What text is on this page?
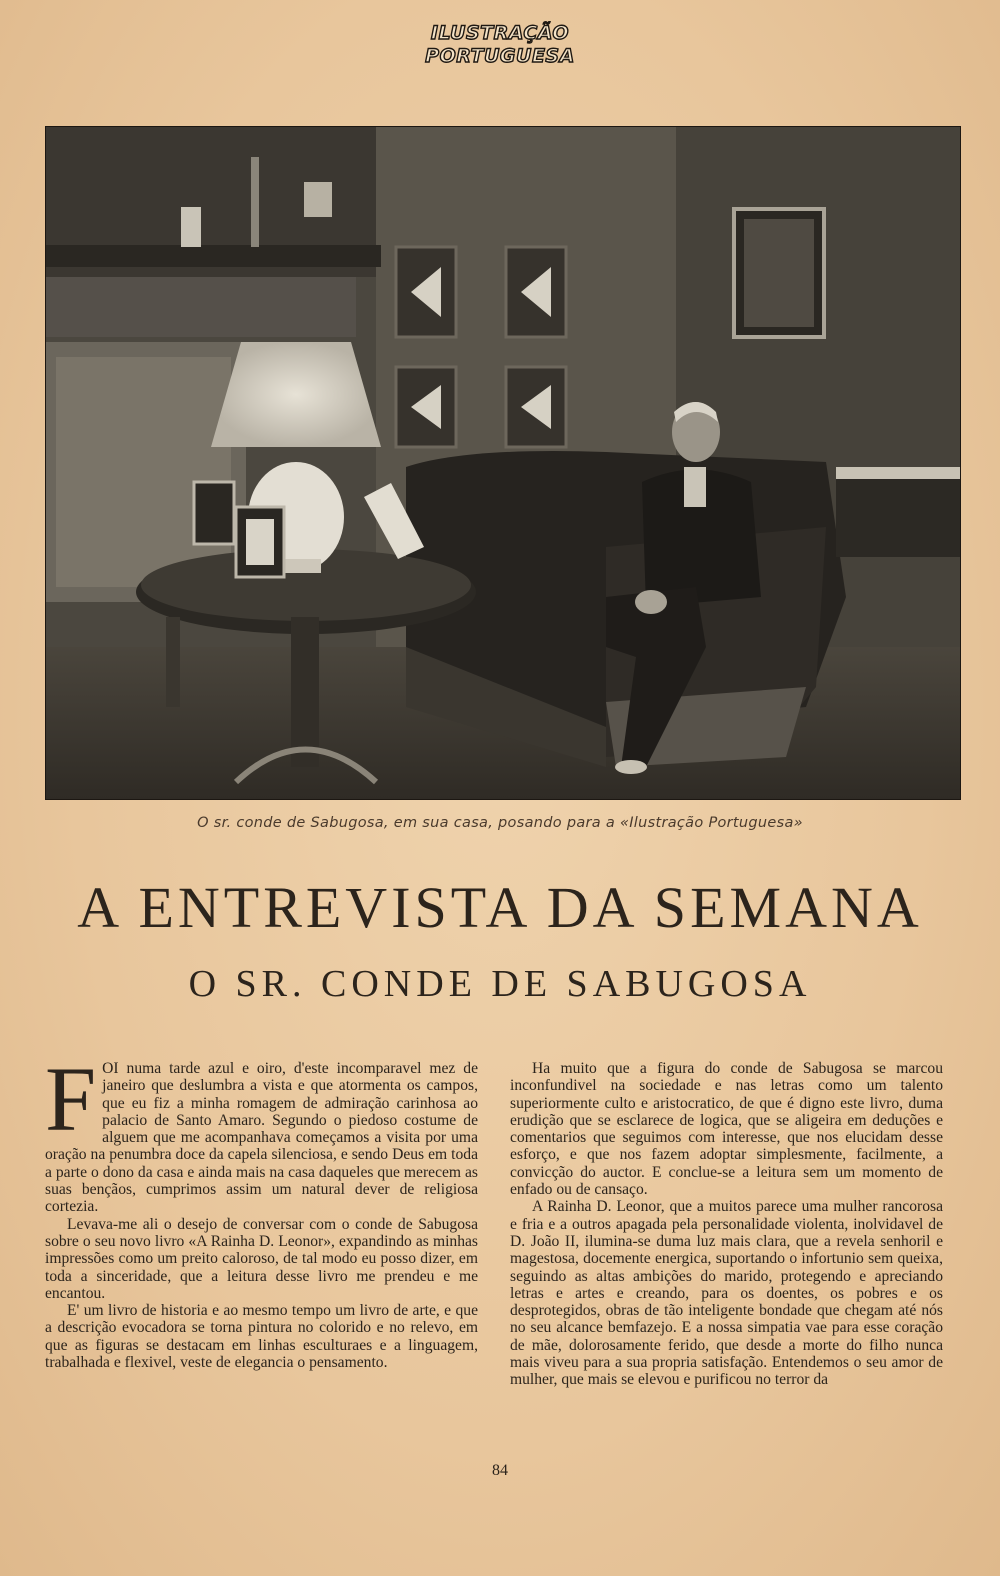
ILUSTRAÇÃO
PORTUGUESA
O sr. conde de Sabugosa, em sua casa, posando para a «Ilustração Portuguesa»
A ENTREVISTA DA SEMANA
O SR. CONDE DE SABUGOSA

FOI numa tarde azul e oiro, d'este incomparavel mez de janeiro que deslumbra a vista e que atormenta os campos, que eu fiz a minha romagem de admiração carinhosa ao palacio de Santo Amaro. Segundo o piedoso costume de alguem que me acompanhava começamos a visita por uma oração na penumbra doce da capela silenciosa, e sendo Deus em toda a parte o dono da casa e ainda mais na casa daqueles que merecem as suas bençãos, cumprimos assim um natural dever de religiosa cortezia.

Levava-me ali o desejo de conversar com o conde de Sabugosa sobre o seu novo livro «A Rainha D. Leonor», expandindo as minhas impressões como um preito caloroso, de tal modo eu posso dizer, em toda a sinceridade, que a leitura desse livro me prendeu e me encantou.

E' um livro de historia e ao mesmo tempo um livro de arte, e que a descrição evocadora se torna pintura no colorido e no relevo, em que as figuras se destacam em linhas esculturaes e a linguagem, trabalhada e flexivel, veste de elegancia o pensamento.

Ha muito que a figura do conde de Sabugosa se marcou inconfundivel na sociedade e nas letras como um talento superiormente culto e aristocratico, de que é digno este livro, duma erudição que se esclarece de logica, que se aligeira em deduções e comentarios que seguimos com interesse, que nos elucidam desse esforço, e que nos fazem adoptar simplesmente, facilmente, a convicção do auctor. E conclue-se a leitura sem um momento de enfado ou de cansaço.

A Rainha D. Leonor, que a muitos parece uma mulher rancorosa e fria e a outros apagada pela personalidade violenta, inolvidavel de D. João II, ilumina-se duma luz mais clara, que a revela senhoril e magestosa, docemente energica, suportando o infortunio sem queixa, seguindo as altas ambições do marido, protegendo e apreciando letras e artes e creando, para os doentes, os pobres e os desprotegidos, obras de tão inteligente bondade que chegam até nós no seu alcance bemfazejo. E a nossa simpatia vae para esse coração de mãe, dolorosamente ferido, que desde a morte do filho nunca mais viveu para a sua propria satisfação. Entendemos o seu amor de mulher, que mais se elevou e purificou no terror da

84
